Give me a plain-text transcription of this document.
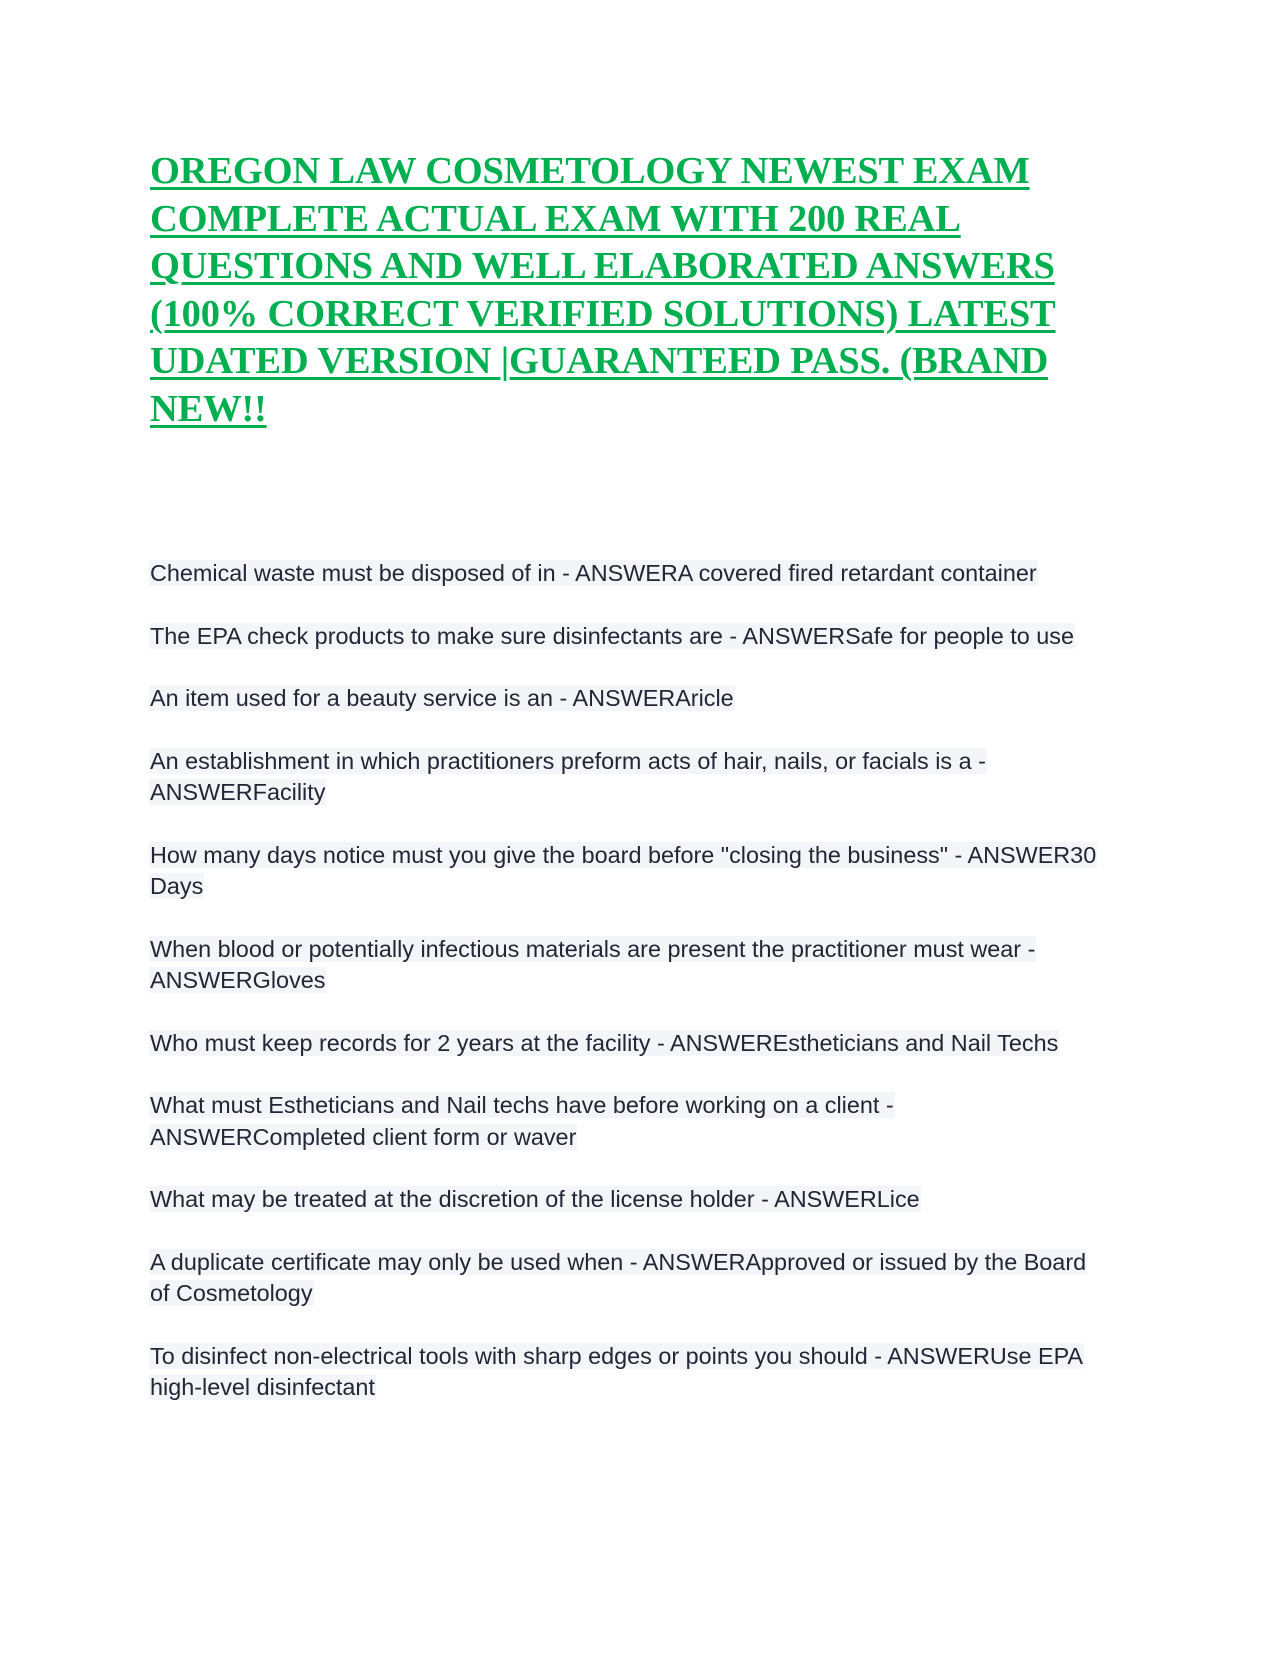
OREGON LAW COSMETOLOGY NEWEST EXAM COMPLETE ACTUAL EXAM WITH 200 REAL QUESTIONS AND WELL ELABORATED ANSWERS (100% CORRECT VERIFIED SOLUTIONS) LATEST UDATED VERSION |GUARANTEED PASS. (BRAND NEW!!

Chemical waste must be disposed of in - ANSWERA covered fired retardant container

The EPA check products to make sure disinfectants are - ANSWERSafe for people to use

An item used for a beauty service is an - ANSWERAricle

An establishment in which practitioners preform acts of hair, nails, or facials is a - ANSWERFacility

How many days notice must you give the board before "closing the business" - ANSWER30 Days

When blood or potentially infectious materials are present the practitioner must wear - ANSWERGloves

Who must keep records for 2 years at the facility - ANSWEREstheticians and Nail Techs

What must Estheticians and Nail techs have before working on a client - ANSWERCompleted client form or waver

What may be treated at the discretion of the license holder - ANSWERLice

A duplicate certificate may only be used when - ANSWERApproved or issued by the Board of Cosmetology

To disinfect non-electrical tools with sharp edges or points you should - ANSWERUse EPA high-level disinfectant
